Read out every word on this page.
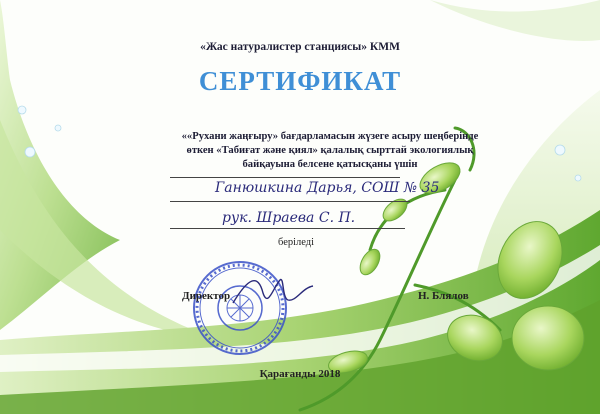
«Жас натуралистер станциясы» КММ

СЕРТИФИКАТ

««Рухани жаңғыру» бағдарламасын жүзеге асыру шеңберінде

өткен «Табиғат және қиял» қалалық сырттай экологиялық

байқауына белсене қатысқаны үшін

Ганюшкина Дарья, СОШ № 35
рук. Шраева С. П.
беріледі
Директор	Н. Блялов
Қарағанды 2018
